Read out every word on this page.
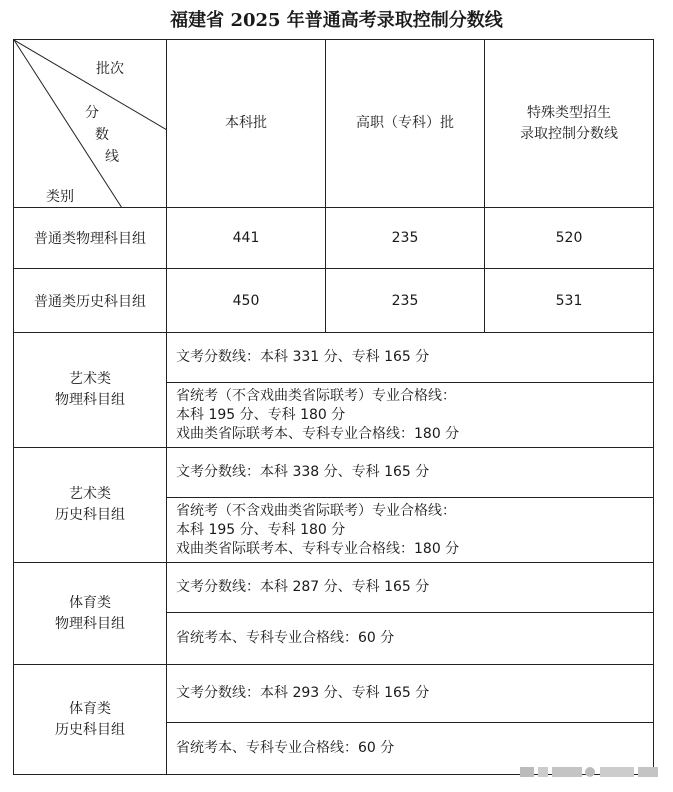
福建省 2025 年普通高考录取控制分数线
批次
分
数
线
类别	本科批	高职（专科）批	特殊类型招生
录取控制分数线
普通类物理科目组	441	235	520
普通类历史科目组	450	235	531
艺术类
物理科目组	文考分数线：本科 331 分、专科 165 分		
	省统考（不含戏曲类省际联考）专业合格线：
本科 195 分、专科 180 分
戏曲类省际联考本、专科专业合格线：180 分		
艺术类
历史科目组	文考分数线：本科 338 分、专科 165 分		
	省统考（不含戏曲类省际联考）专业合格线：
本科 195 分、专科 180 分
戏曲类省际联考本、专科专业合格线：180 分		
体育类
物理科目组	文考分数线：本科 287 分、专科 165 分		
	省统考本、专科专业合格线：60 分		
体育类
历史科目组	文考分数线：本科 293 分、专科 165 分		
	省统考本、专科专业合格线：60 分		
